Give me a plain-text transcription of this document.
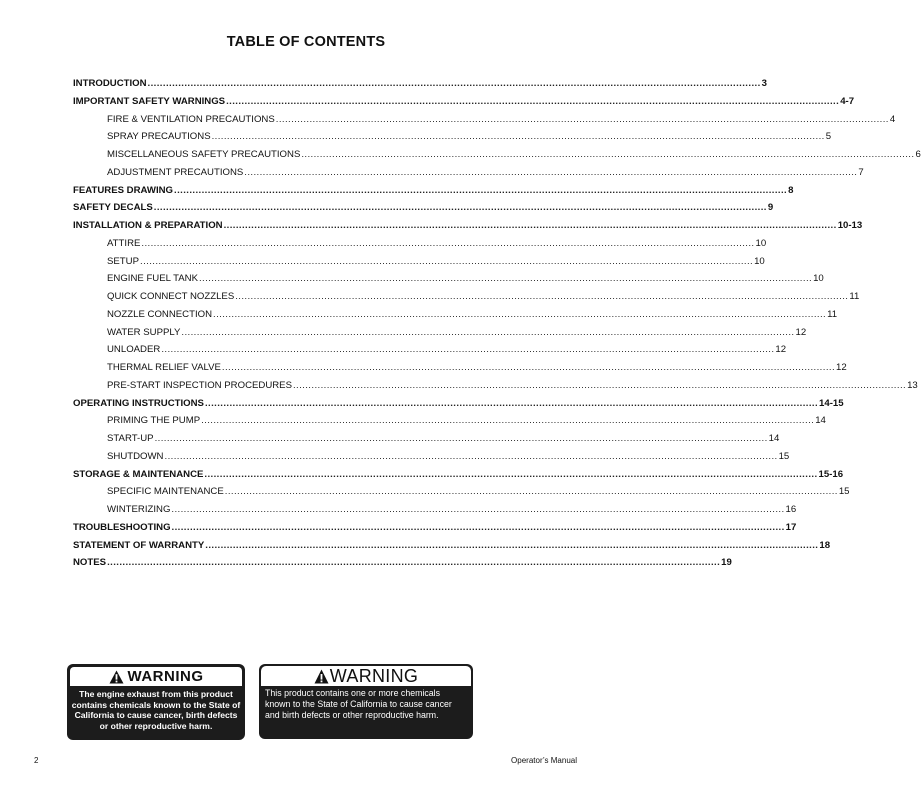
TABLE OF CONTENTS
INTRODUCTION ........................................................................................................................................................................................................ 3
IMPORTANT SAFETY WARNINGS ........................................................................................................................................................................................................ 4-7
FIRE & VENTILATION PRECAUTIONS ........................................................................................................................................................................................................ 4
SPRAY PRECAUTIONS ........................................................................................................................................................................................................ 5
MISCELLANEOUS SAFETY PRECAUTIONS ........................................................................................................................................................................................................ 6
ADJUSTMENT PRECAUTIONS ........................................................................................................................................................................................................ 7
FEATURES DRAWING ........................................................................................................................................................................................................ 8
SAFETY DECALS ........................................................................................................................................................................................................ 9
INSTALLATION & PREPARATION ........................................................................................................................................................................................................ 10-13
ATTIRE ........................................................................................................................................................................................................ 10
SETUP ........................................................................................................................................................................................................ 10
ENGINE FUEL TANK ........................................................................................................................................................................................................ 10
QUICK CONNECT NOZZLES ........................................................................................................................................................................................................ 11
NOZZLE CONNECTION ........................................................................................................................................................................................................ 11
WATER SUPPLY ........................................................................................................................................................................................................ 12
UNLOADER ........................................................................................................................................................................................................ 12
THERMAL RELIEF VALVE ........................................................................................................................................................................................................ 12
PRE-START INSPECTION PROCEDURES ........................................................................................................................................................................................................ 13
OPERATING INSTRUCTIONS ........................................................................................................................................................................................................ 14-15
PRIMING THE PUMP ........................................................................................................................................................................................................ 14
START-UP ........................................................................................................................................................................................................ 14
SHUTDOWN ........................................................................................................................................................................................................ 15
STORAGE & MAINTENANCE ........................................................................................................................................................................................................ 15-16
SPECIFIC MAINTENANCE ........................................................................................................................................................................................................ 15
WINTERIZING ........................................................................................................................................................................................................ 16
TROUBLESHOOTING ........................................................................................................................................................................................................ 17
STATEMENT OF WARRANTY ........................................................................................................................................................................................................ 18
NOTES ........................................................................................................................................................................................................ 19
WARNING
The engine exhaust from this product contains chemicals known to the State of California to cause cancer, birth defects or other reproductive harm.
WARNING
This product contains one or more chemicals known to the State of California to cause cancer and birth defects or other reproductive harm.
2	Operator’s Manual
